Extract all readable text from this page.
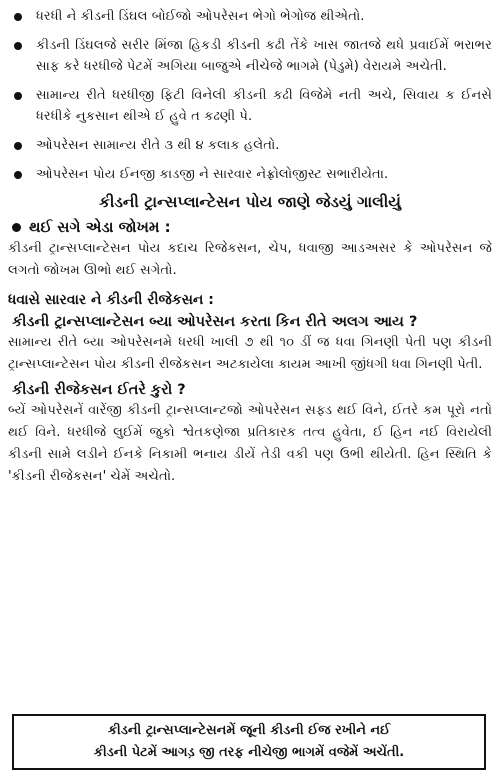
ધરધી ને કીડની ડિંઘલ બોઈજો ઓપરેસન ભેગો ભેગોજ થીએતો.
કીડની ડિંઘલજે સરીર મિંજા હિકડી કીડની કઢી તેંકે ખાસ જાતજે થધે પ્રવાઈમેં ભરાભર સાફ કરે ધરધીજે પેટમેં અગિયા બાજુએ નીચેજે ભાગમે (પેડુમે) વેરાયમે અચેતી.
સામાન્ય રીતે ધરધીજી ફિટી વિનેલી કીડની કઢી વિજેમે નતી અચે, સિવાય ક ઈનસે ધરધીકે નુકસાન થીએ ઈ હુવે ત કઢણી પે.
ઓપરેસન સામાન્ય રીતે ૩ થી ૪ કલાક હલેતો.
ઓપરેસન પોય ઈનજી કાડજી ને સારવાર નેફ્રોલોજીસ્ટ સભારીયેતા.
કીડની ટ્રાન્સપ્લાન્ટેસન પોય જાણે જેડયું ગાલીયું
થઈ સગે એડા જોખમ :

કીડની ટ્રાન્સપ્લાન્ટેસન પોય કદાચ રિજેકસન, ચેપ, ધવાજી આડઅસર કે ઓપરેસન જે લગતો જોખમ ઊભો થઈ સગેતો.

ધવાસે સારવાર ને કીડની રીજેકસન :
કીડની ટ્રાન્સપ્લાન્ટેસન બ્યા ઓપરેસન કરતા કિન રીતે અલગ આય ?

સામાન્ય રીતે બ્યા ઓપરેસનમે ધરધી ખાલી ૭ થી ૧૦ ડીં જ ધવા ગિનણી પેતી પણ કીડની ટ્રાન્સપ્લાન્ટેસન પોય કીડની રીજેકસન અટકાયેલા કાયમ આખી જીંધગી ધવા ગિનણી પેતી.

કીડની રીજેકસન ઈતરે કુરો ?

બ્યેં ઓપરેસનેં વારેંજી કીડની ટ્રાન્સપ્લાન્ટજો ઓપરેસન સફ્ડ થઈ વિને, ઈતરે કમ પૂરો નતો થઈ વિને. ધરધીજે લુઈમેં જુકો શ્વેતકણેજા પ્રતિકારક તત્વ હુવેતા, ઈ હિન નઈ વિરાયેલી કીડની સામે લડીને ઈનકે નિકામી ભનાય ડીયેં તેડી વકી પણ ઉભી થીયેતી. હિન સ્થિતિ કે 'કીડની રીજેકસન' ચેમેં અચેતો.

કીડની ટ્રાન્સપ્લાન્ટેસનમેં જૂની કીડની ઈજ રખીને નઈ
કીડની પેટમેં આગડ઼ જી તરફ નીચેજી ભાગમેં વજેમેં અચેંતી.
